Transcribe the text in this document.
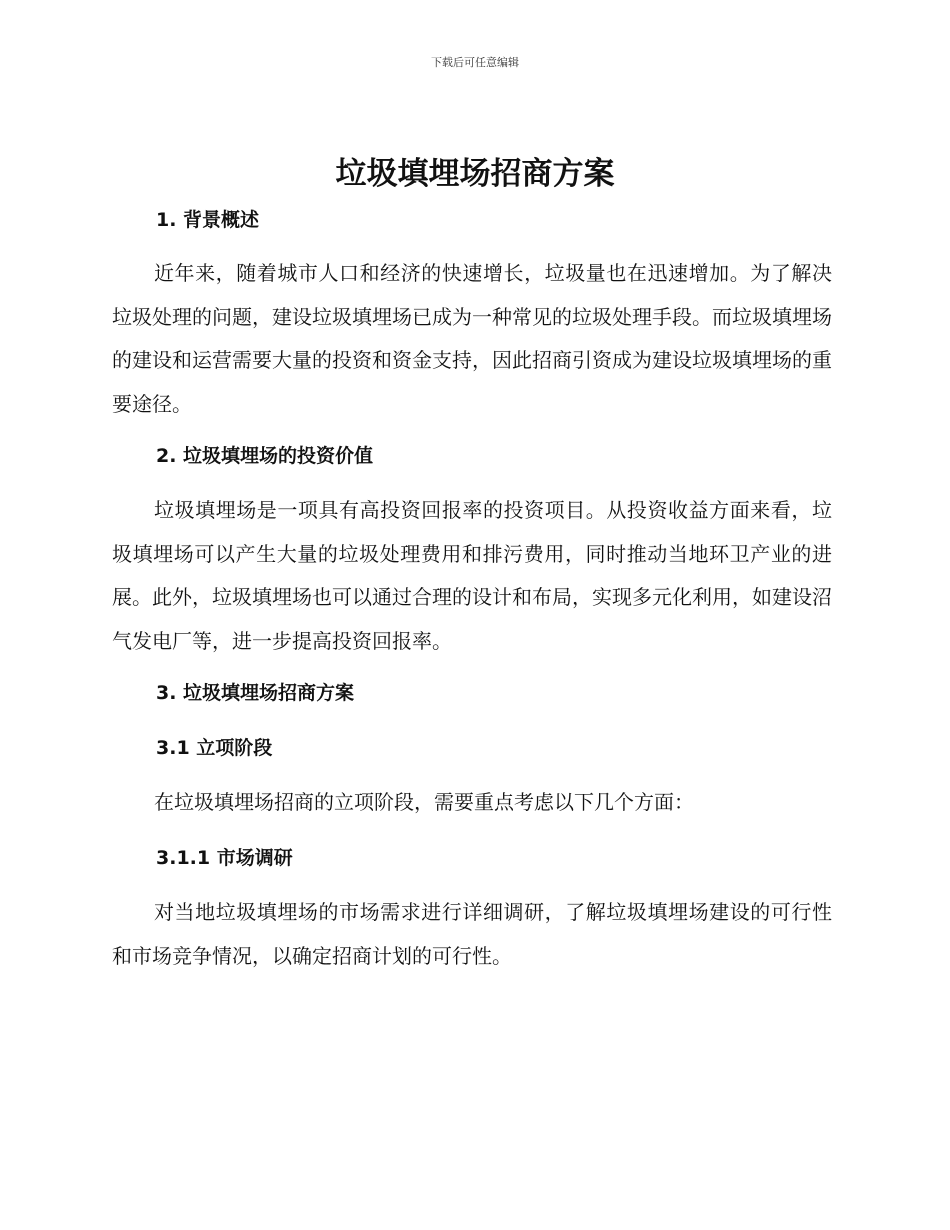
下载后可任意编辑
垃圾填埋场招商方案
1. 背景概述

近年来，随着城市人口和经济的快速增长，垃圾量也在迅速增加。为了解决垃圾处理的问题，建设垃圾填埋场已成为一种常见的垃圾处理手段。而垃圾填埋场的建设和运营需要大量的投资和资金支持，因此招商引资成为建设垃圾填埋场的重要途径。

2. 垃圾填埋场的投资价值

垃圾填埋场是一项具有高投资回报率的投资项目。从投资收益方面来看，垃圾填埋场可以产生大量的垃圾处理费用和排污费用，同时推动当地环卫产业的进展。此外，垃圾填埋场也可以通过合理的设计和布局，实现多元化利用，如建设沼气发电厂等，进一步提高投资回报率。

3. 垃圾填埋场招商方案
3.1 立项阶段

在垃圾填埋场招商的立项阶段，需要重点考虑以下几个方面：

3.1.1 市场调研

对当地垃圾填埋场的市场需求进行详细调研，了解垃圾填埋场建设的可行性和市场竞争情况，以确定招商计划的可行性。
